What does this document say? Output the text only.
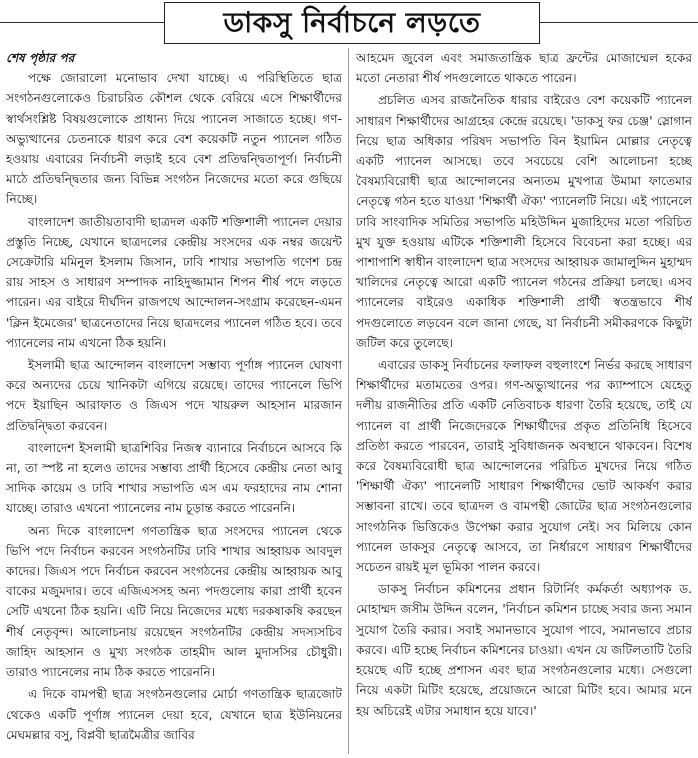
ডাকসু নির্বাচনে লড়তে

শেষ পৃষ্ঠার পর

পক্ষে জোরালো মনোভাব দেখা যাচ্ছে। এ পরিস্থিতিতে ছাত্র সংগঠনগুলোকেও চিরাচরিত কৌশল থেকে বেরিয়ে এসে শিক্ষার্থীদের স্বার্থসংশ্লিষ্ট বিষয়গুলোকে প্রাধান্য দিয়ে প্যানেল সাজাতে হচ্ছে। গণ-অভ্যুত্থানের চেতনাকে ধারণ করে বেশ কয়েকটি নতুন প্যানেল গঠিত হওয়ায় এবারের নির্বাচনী লড়াই হবে বেশ প্রতিদ্বন্দ্বিতাপূর্ণ। নির্বাচনী মাঠে প্রতিদ্বন্দ্বিতার জন্য বিভিন্ন সংগঠন নিজেদের মতো করে গুছিয়ে নিচ্ছে।

বাংলাদেশ জাতীয়তাবাদী ছাত্রদল একটি শক্তিশালী প্যানেল দেয়ার প্রস্তুতি নিচ্ছে, যেখানে ছাত্রদলের কেন্দ্রীয় সংসদের এক নম্বর জয়েন্ট সেক্রেটারি মমিনুল ইসলাম জিসান, ঢাবি শাখার সভাপতি গণেশ চন্দ্র রায় সাহস ও সাধারণ সম্পাদক নাহিদুজ্জামান শিপন শীর্ষ পদে লড়তে পারেন। এর বাইরে দীর্ঘদিন রাজপথে আন্দোলন-সংগ্রাম করেছেন-এমন 'ক্লিন ইমেজের' ছাত্রনেতাদের নিয়ে ছাত্রদলের প্যানেল গঠিত হবে। তবে প্যানেলের নাম এখনো ঠিক হয়নি।

ইসলামী ছাত্র আন্দোলন বাংলাদেশ সম্ভাব্য পূর্ণাঙ্গ প্যানেল ঘোষণা করে অন্যদের চেয়ে খানিকটা এগিয়ে রয়েছে। তাদের প্যানেলে ভিপি পদে ইয়াছিন আরাফাত ও জিএস পদে খায়রুল আহসান মারজান প্রতিদ্বন্দ্বিতা করবেন।

বাংলাদেশ ইসলামী ছাত্রশিবির নিজস্ব ব্যানারে নির্বাচনে আসবে কি না, তা স্পষ্ট না হলেও তাদের সম্ভাব্য প্রার্থী হিসেবে কেন্দ্রীয় নেতা আবু সাদিক কায়েম ও ঢাবি শাখার সভাপতি এস এম ফরহাদের নাম শোনা যাচ্ছে। তারাও এখনো প্যানেলের নাম চূড়ান্ত করতে পারেননি।

অন্য দিকে বাংলাদেশ গণতান্ত্রিক ছাত্র সংসদের প্যানেল থেকে ভিপি পদে নির্বাচন করবেন সংগঠনটির ঢাবি শাখার আহ্বায়ক আবদুল কাদের। জিএস পদে নির্বাচন করবেন সংগঠনের কেন্দ্রীয় আহ্বায়ক আবু বাকের মজুমদার। তবে এজিএসসহ অন্য পদগুলোয় কারা প্রার্থী হবেন সেটি এখনো ঠিক হয়নি। এটি নিয়ে নিজেদের মধ্যে দরকষাকষি করছেন শীর্ষ নেতৃবৃন্দ। আলোচনায় রয়েছেন সংগঠনটির কেন্দ্রীয় সদস্যসচিব জাহিদ আহসান ও মুখ্য সংগঠক তাহমীদ আল মুদাসসির চৌধুরী। তারাও প্যানেলের নাম ঠিক করতে পারেননি।

এ দিকে বামপন্থী ছাত্র সংগঠনগুলোর মোর্চা গণতান্ত্রিক ছাত্রজোট থেকেও একটি পূর্ণাঙ্গ প্যানেল দেয়া হবে, যেখানে ছাত্র ইউনিয়নের মেঘমল্লার বসু, বিপ্লবী ছাত্রমৈত্রীর জাবির

আহমেদ জুবেল এবং সমাজতান্ত্রিক ছাত্র ফ্রন্টের মোজাম্মেল হকের মতো নেতারা শীর্ষ পদগুলোতে থাকতে পারেন।

প্রচলিত এসব রাজনৈতিক ধারার বাইরেও বেশ কয়েকটি প্যানেল সাধারণ শিক্ষার্থীদের আগ্রহের কেন্দ্রে রয়েছে। 'ডাকসু ফর চেঞ্জ' স্লোগান নিয়ে ছাত্র অধিকার পরিষদ সভাপতি বিন ইয়ামিন মোল্লার নেতৃত্বে একটি প্যানেল আসছে। তবে সবচেয়ে বেশি আলোচনা হচ্ছে বৈষম্যবিরোধী ছাত্র আন্দোলনের অন্যতম মুখপাত্র উমামা ফাতেমার নেতৃত্বে গঠন হতে যাওয়া 'শিক্ষার্থী ঐক্য' প্যানেলটি নিয়ে। এই প্যানেলে ঢাবি সাংবাদিক সমিতির সভাপতি মহিউদ্দিন মুজাহিদের মতো পরিচিত মুখ যুক্ত হওয়ায় এটিকে শক্তিশালী হিসেবে বিবেচনা করা হচ্ছে। এর পাশাপাশি স্বাধীন বাংলাদেশ ছাত্র সংসদের আহ্বায়ক জামালুদ্দিন মুহাম্মদ খালিদের নেতৃত্বে আরো একটি প্যানেল গঠনের প্রক্রিয়া চলছে। এসব প্যানেলের বাইরেও একাধিক শক্তিশালী প্রার্থী স্বতন্ত্রভাবে শীর্ষ পদগুলোতে লড়বেন বলে জানা গেছে, যা নির্বাচনী সমীকরণকে কিছুটা জটিল করে তুলেছে।

এবারের ডাকসু নির্বাচনের ফলাফল বহুলাংশে নির্ভর করছে সাধারণ শিক্ষার্থীদের মতামতের ওপর। গণ-অভ্যুত্থানের পর ক্যাম্পাসে যেহেতু দলীয় রাজনীতির প্রতি একটি নেতিবাচক ধারণা তৈরি হয়েছে, তাই যে প্যানেল বা প্রার্থী নিজেদেরকে শিক্ষার্থীদের প্রকৃত প্রতিনিধি হিসেবে প্রতিষ্ঠা করতে পারবেন, তারাই সুবিধাজনক অবস্থানে থাকবেন। বিশেষ করে বৈষম্যবিরোধী ছাত্র আন্দোলনের পরিচিত মুখদের নিয়ে গঠিত 'শিক্ষার্থী ঐক্য' প্যানেলটি সাধারণ শিক্ষার্থীদের ভোট আকর্ষণ করার সম্ভাবনা রাখে। তবে ছাত্রদল ও বামপন্থী জোটের ছাত্র সংগঠনগুলোর সাংগঠনিক ভিত্তিকেও উপেক্ষা করার সুযোগ নেই। সব মিলিয়ে কোন প্যানেল ডাকসুর নেতৃত্বে আসবে, তা নির্ধারণে সাধারণ শিক্ষার্থীদের সচেতন রায়ই মূল ভূমিকা পালন করবে।

ডাকসু নির্বাচন কমিশনের প্রধান রিটার্নিং কর্মকর্তা অধ্যাপক ড. মোহাম্মদ জসীম উদ্দিন বলেন, 'নির্বাচন কমিশন চাচ্ছে সবার জন্য সমান সুযোগ তৈরি করার। সবাই সমানভাবে সুযোগ পাবে, সমানভাবে প্রচার করবে। এটি হচ্ছে নির্বাচন কমিশনের চাওয়া। এখন যে জটিলতাটি তৈরি হয়েছে এটি হচ্ছে প্রশাসন এবং ছাত্র সংগঠনগুলোর মধ্যে। সেগুলো নিয়ে একটা মিটিং হয়েছে, প্রয়োজনে আরো মিটিং হবে। আমার মনে হয় অচিরেই এটার সমাধান হয়ে যাবে।'
